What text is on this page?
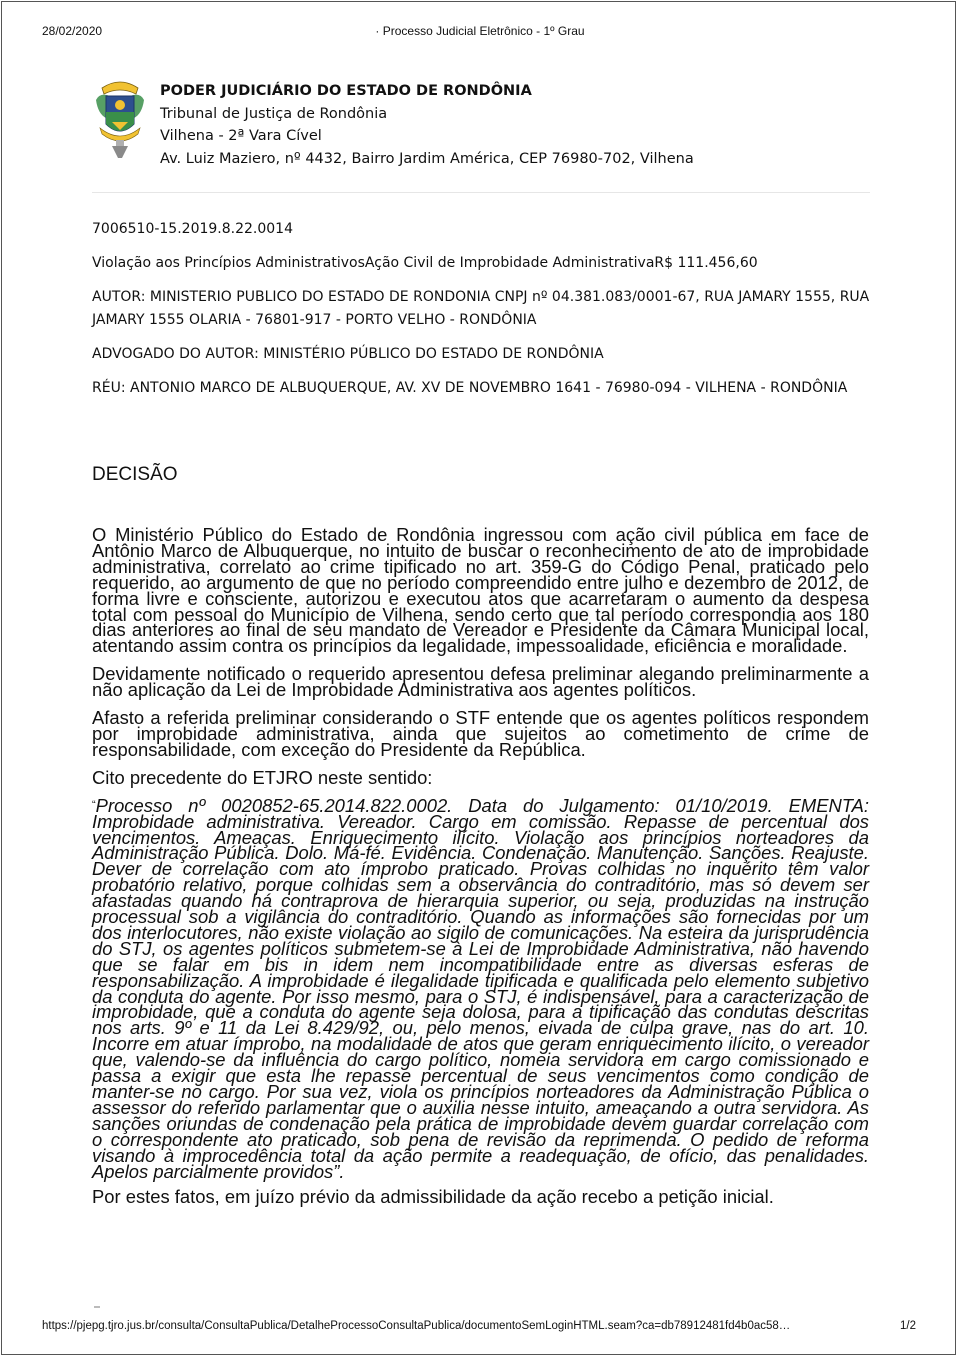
28/02/2020	· Processo Judicial Eletrônico - 1º Grau
PODER JUDICIÁRIO DO ESTADO DE RONDÔNIA
Tribunal de Justiça de Rondônia
Vilhena - 2ª Vara Cível
Av. Luiz Maziero, nº 4432, Bairro Jardim América, CEP 76980-702, Vilhena

7006510-15.2019.8.22.0014

Violação aos Princípios AdministrativosAção Civil de Improbidade AdministrativaR$ 111.456,60

AUTOR: MINISTERIO PUBLICO DO ESTADO DE RONDONIA CNPJ nº 04.381.083/0001-67, RUA JAMARY 1555, RUA JAMARY 1555 OLARIA - 76801-917 - PORTO VELHO - RONDÔNIA

ADVOGADO DO AUTOR: MINISTÉRIO PÚBLICO DO ESTADO DE RONDÔNIA

RÉU: ANTONIO MARCO DE ALBUQUERQUE, AV. XV DE NOVEMBRO 1641 - 76980-094 - VILHENA - RONDÔNIA

DECISÃO

O Ministério Público do Estado de Rondônia ingressou com ação civil pública em face de Antônio Marco de Albuquerque, no intuito de buscar o reconhecimento de ato de improbidade administrativa, correlato ao crime tipificado no art. 359-G do Código Penal, praticado pelo requerido, ao argumento de que no período compreendido entre julho e dezembro de 2012, de forma livre e consciente, autorizou e executou atos que acarretaram o aumento da despesa total com pessoal do Município de Vilhena, sendo certo que tal período correspondia aos 180 dias anteriores ao final de seu mandato de Vereador e Presidente da Câmara Municipal local, atentando assim contra os princípios da legalidade, impessoalidade, eficiência e moralidade.

Devidamente notificado o requerido apresentou defesa preliminar alegando preliminarmente a não aplicação da Lei de Improbidade Administrativa aos agentes políticos.

Afasto a referida preliminar considerando o STF entende que os agentes políticos respondem por improbidade administrativa, ainda que sujeitos ao cometimento de crime de responsabilidade, com exceção do Presidente da República.

Cito precedente do ETJRO neste sentido:

“Processo nº 0020852-65.2014.822.0002. Data do Julgamento: 01/10/2019. EMENTA: Improbidade administrativa. Vereador. Cargo em comissão. Repasse de percentual dos vencimentos. Ameaças. Enriquecimento ilícito. Violação aos princípios norteadores da Administração Pública. Dolo. Má-fé. Evidência. Condenação. Manutenção. Sanções. Reajuste. Dever de correlação com ato ímprobo praticado. Provas colhidas no inquérito têm valor probatório relativo, porque colhidas sem a observância do contraditório, mas só devem ser afastadas quando há contraprova de hierarquia superior, ou seja, produzidas na instrução processual sob a vigilância do contraditório. Quando as informações são fornecidas por um dos interlocutores, não existe violação ao sigilo de comunicações. Na esteira da jurisprudência do STJ, os agentes políticos submetem-se à Lei de Improbidade Administrativa, não havendo que se falar em bis in idem nem incompatibilidade entre as diversas esferas de responsabilização. A improbidade é ilegalidade tipificada e qualificada pelo elemento subjetivo da conduta do agente. Por isso mesmo, para o STJ, é indispensável, para a caracterização de improbidade, que a conduta do agente seja dolosa, para a tipificação das condutas descritas nos arts. 9º e 11 da Lei 8.429/92, ou, pelo menos, eivada de culpa grave, nas do art. 10. Incorre em atuar ímprobo, na modalidade de atos que geram enriquecimento ilícito, o vereador que, valendo-se da influência do cargo político, nomeia servidora em cargo comissionado e passa a exigir que esta lhe repasse percentual de seus vencimentos como condição de manter-se no cargo. Por sua vez, viola os princípios norteadores da Administração Pública o assessor do referido parlamentar que o auxilia nesse intuito, ameaçando a outra servidora. As sanções oriundas de condenação pela prática de improbidade devem guardar correlação com o correspondente ato praticado, sob pena de revisão da reprimenda. O pedido de reforma visando à improcedência total da ação permite a readequação, de ofício, das penalidades. Apelos parcialmente providos”.

Por estes fatos, em juízo prévio da admissibilidade da ação recebo a petição inicial.

https://pjepg.tjro.jus.br/consulta/ConsultaPublica/DetalheProcessoConsultaPublica/documentoSemLoginHTML.seam?ca=db78912481fd4b0ac58…	1/2
